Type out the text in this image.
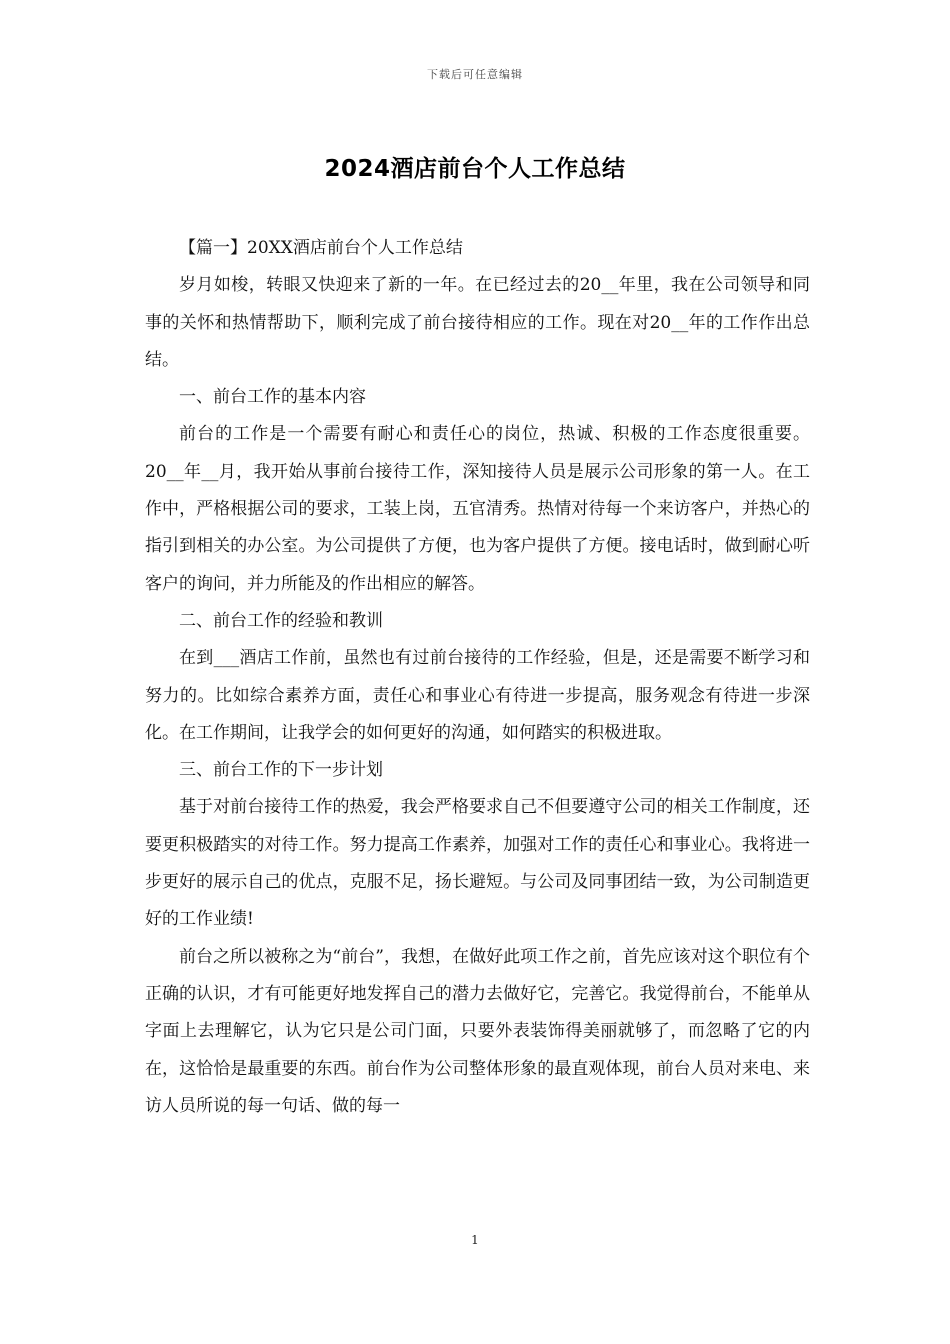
下载后可任意编辑
2024酒店前台个人工作总结

【篇一】20XX酒店前台个人工作总结

岁月如梭，转眼又快迎来了新的一年。在已经过去的20__年里，我在公司领导和同事的关怀和热情帮助下，顺利完成了前台接待相应的工作。现在对20__年的工作作出总结。

一、前台工作的基本内容

前台的工作是一个需要有耐心和责任心的岗位，热诚、积极的工作态度很重要。20__年__月，我开始从事前台接待工作，深知接待人员是展示公司形象的第一人。在工作中，严格根据公司的要求，工装上岗，五官清秀。热情对待每一个来访客户，并热心的指引到相关的办公室。为公司提供了方便，也为客户提供了方便。接电话时，做到耐心听客户的询问，并力所能及的作出相应的解答。

二、前台工作的经验和教训

在到___酒店工作前，虽然也有过前台接待的工作经验，但是，还是需要不断学习和努力的。比如综合素养方面，责任心和事业心有待进一步提高，服务观念有待进一步深化。在工作期间，让我学会的如何更好的沟通，如何踏实的积极进取。

三、前台工作的下一步计划

基于对前台接待工作的热爱，我会严格要求自己不但要遵守公司的相关工作制度，还要更积极踏实的对待工作。努力提高工作素养，加强对工作的责任心和事业心。我将进一步更好的展示自己的优点，克服不足，扬长避短。与公司及同事团结一致，为公司制造更好的工作业绩!

前台之所以被称之为“前台”，我想，在做好此项工作之前，首先应该对这个职位有个正确的认识，才有可能更好地发挥自己的潜力去做好它，完善它。我觉得前台，不能单从字面上去理解它，认为它只是公司门面，只要外表装饰得美丽就够了，而忽略了它的内在，这恰恰是最重要的东西。前台作为公司整体形象的最直观体现，前台人员对来电、来访人员所说的每一句话、做的每一

1
